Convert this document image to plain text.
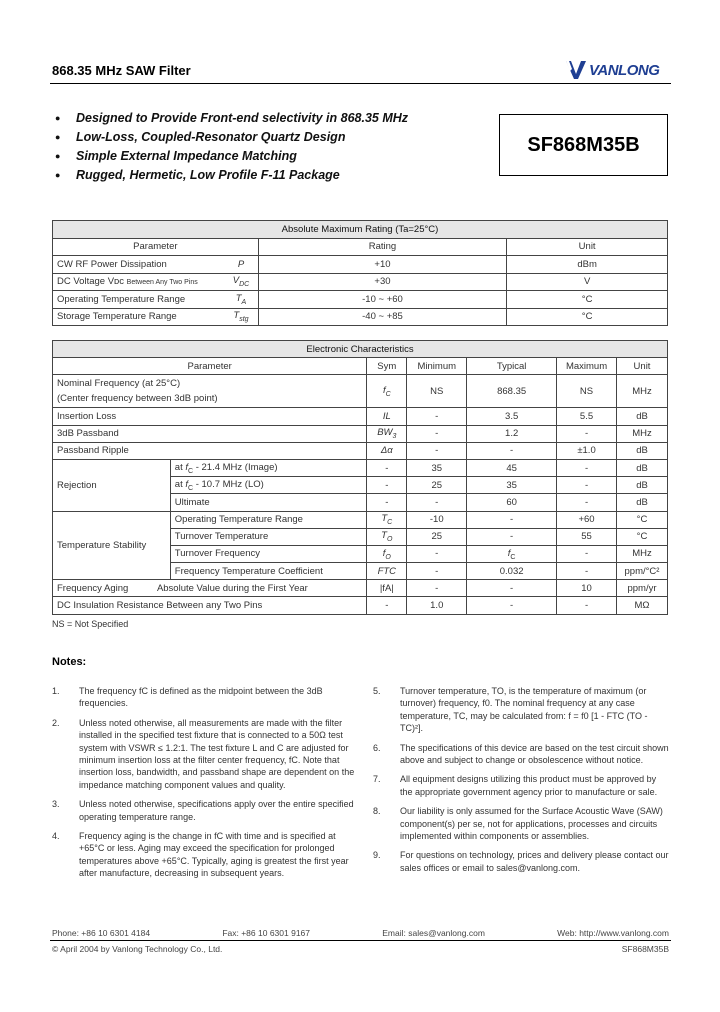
868.35 MHz SAW Filter	VANLONG
●	Designed to Provide Front-end selectivity in 868.35 MHz
●	Low-Loss, Coupled-Resonator Quartz Design
●	Simple External Impedance Matching
●	Rugged, Hermetic, Low Profile F-11 Package
SF868M35B
Absolute Maximum Rating (Ta=25°C)			
Parameter		Rating	Unit
CW RF Power Dissipation	P	+10	dBm
DC Voltage Vᴅᴄ Between Any Two Pins	$V_{DC}$	+30	V
Operating Temperature Range	$T_A$	-10 ~ +60	°C
Storage Temperature Range	$T_{stg}$	-40 ~ +85	°C
Electronic Characteristics						
Parameter		Sym	Minimum	Typical	Maximum	Unit

Nominal Frequency (at 25°C)
(Center frequency between 3dB point)		$f_C$	NS	868.35	NS	MHz
Insertion Loss		IL	-	3.5	5.5	dB
3dB Passband		$BW_3$	-	1.2	-	MHz
Passband Ripple		Δα	-	-	±1.0	dB
Rejection	at $f_C - 21.4$ MHz (Image)	-	35	45	-	dB
	at $f_C - 10.7$ MHz (LO)	-	25	35	-	dB
	Ultimate	-	-	60	-	dB
Temperature Stability	Operating Temperature Range	$T_C$	-10	-	+60	°C
	Turnover Temperature	$T_O$	25	-	55	°C
	Turnover Frequency	$f_O$	-	$f_C$	-	MHz
	Frequency Temperature Coefficient	FTC	-	0.032	-	ppm/°C²
Frequency Aging Absolute Value during the First Year		|fA|	-	-	10	ppm/yr
DC Insulation Resistance Between any Two Pins		-	1.0	-	-	MΩ
NS = Not Specified
Notes:
1.	The frequency fC is defined as the midpoint between the 3dB frequencies.
2.	Unless noted otherwise, all measurements are made with the filter installed in the specified test fixture that is connected to a 50Ω test system with VSWR ≤ 1.2:1. The test fixture L and C are adjusted for minimum insertion loss at the filter center frequency, fC. Note that insertion loss, bandwidth, and passband shape are dependent on the impedance matching component values and quality.
3.	Unless noted otherwise, specifications apply over the entire specified operating temperature range.
4.	Frequency aging is the change in fC with time and is specified at +65°C or less. Aging may exceed the specification for prolonged temperatures above +65°C. Typically, aging is greatest the first year after manufacture, decreasing in subsequent years.
5.	Turnover temperature, TO, is the temperature of maximum (or turnover) frequency, f0. The nominal frequency at any case temperature, TC, may be calculated from: f = f0 [1 - FTC (TO - TC)²].
6.	The specifications of this device are based on the test circuit shown above and subject to change or obsolescence without notice.
7.	All equipment designs utilizing this product must be approved by the appropriate government agency prior to manufacture or sale.
8.	Our liability is only assumed for the Surface Acoustic Wave (SAW) component(s) per se, not for applications, processes and circuits implemented within components or assemblies.
9.	For questions on technology, prices and delivery please contact our sales offices or email to sales@vanlong.com.
Phone: +86 10 6301 4184	Fax: +86 10 6301 9167	Email: sales@vanlong.com	Web: http://www.vanlong.com
© April 2004 by Vanlong Technology Co., Ltd.	SF868M35B
